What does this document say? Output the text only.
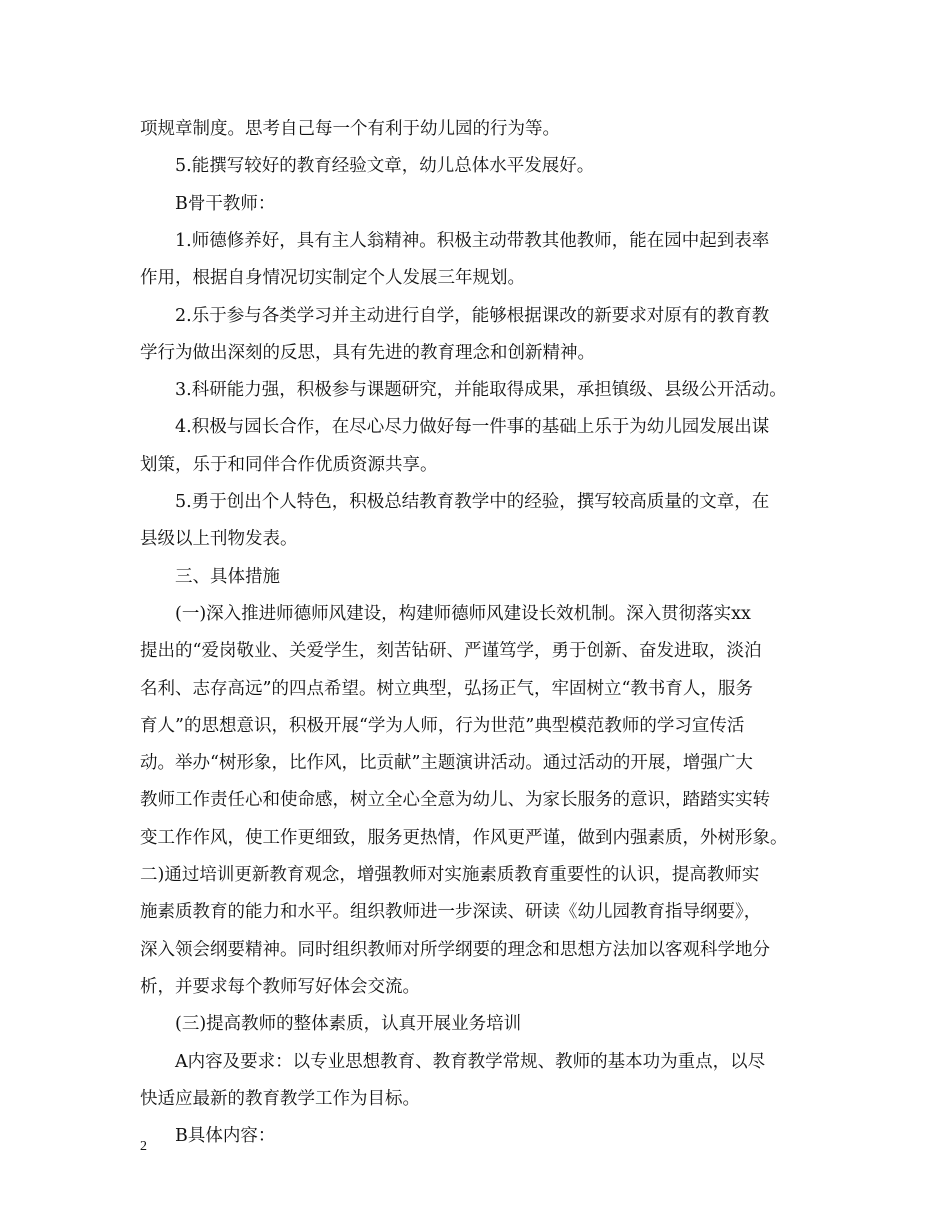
项规章制度。思考自己每一个有利于幼儿园的行为等。
5.能撰写较好的教育经验文章，幼儿总体水平发展好。
B骨干教师：
1.师德修养好，具有主人翁精神。积极主动带教其他教师，能在园中起到表率
作用，根据自身情况切实制定个人发展三年规划。
2.乐于参与各类学习并主动进行自学，能够根据课改的新要求对原有的教育教
学行为做出深刻的反思，具有先进的教育理念和创新精神。
3.科研能力强，积极参与课题研究，并能取得成果，承担镇级、县级公开活动。
4.积极与园长合作，在尽心尽力做好每一件事的基础上乐于为幼儿园发展出谋
划策，乐于和同伴合作优质资源共享。
5.勇于创出个人特色，积极总结教育教学中的经验，撰写较高质量的文章，在
县级以上刊物发表。
三、具体措施
(一)深入推进师德师风建设，构建师德师风建设长效机制。深入贯彻落实xx
提出的“爱岗敬业、关爱学生，刻苦钻研、严谨笃学，勇于创新、奋发进取，淡泊
名利、志存高远”的四点希望。树立典型，弘扬正气，牢固树立“教书育人，服务
育人”的思想意识，积极开展“学为人师，行为世范”典型模范教师的学习宣传活
动。举办“树形象，比作风，比贡献”主题演讲活动。通过活动的开展，增强广大
教师工作责任心和使命感，树立全心全意为幼儿、为家长服务的意识，踏踏实实转
变工作作风，使工作更细致，服务更热情，作风更严谨，做到内强素质，外树形象。
二)通过培训更新教育观念，增强教师对实施素质教育重要性的认识，提高教师实
施素质教育的能力和水平。组织教师进一步深读、研读《幼儿园教育指导纲要》，
深入领会纲要精神。同时组织教师对所学纲要的理念和思想方法加以客观科学地分
析，并要求每个教师写好体会交流。
(三)提高教师的整体素质，认真开展业务培训
A内容及要求：以专业思想教育、教育教学常规、教师的基本功为重点，以尽
快适应最新的教育教学工作为目标。
B具体内容：
2
